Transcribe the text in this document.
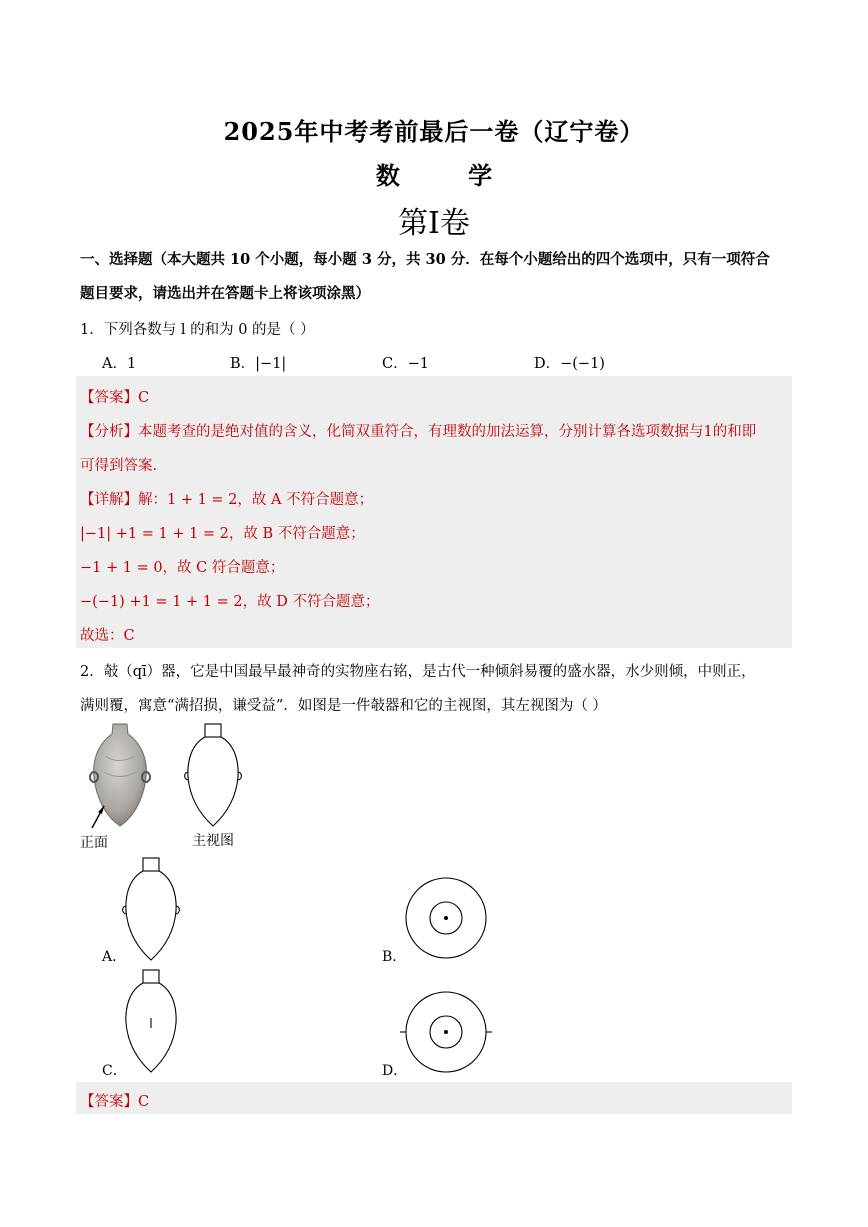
2025年中考考前最后一卷（辽宁卷）
数 学
第I卷
一、选择题（本大题共 10 个小题，每小题 3 分，共 30 分．在每个小题给出的四个选项中，只有一项符合
题目要求，请选出并在答题卡上将该项涂黑）
1．下列各数与 l 的和为 0 的是（ ）
A．1	B．|−1|	C．−1	D．−(−1)
【答案】C
【分析】本题考查的是绝对值的含义，化简双重符合，有理数的加法运算，分别计算各选项数据与1的和即
可得到答案．
【详解】解：1 + 1 = 2，故 A 不符合题意；
|−1| +1 = 1 + 1 = 2，故 B 不符合题意；
−1 + 1 = 0，故 C 符合题意；
−(−1) +1 = 1 + 1 = 2，故 D 不符合题意；
故选：C
2．攲（qī）器，它是中国最早最神奇的实物座右铭，是古代一种倾斜易覆的盛水器，水少则倾，中则正，
满则覆，寓意“满招损，谦受益”．如图是一件攲器和它的主视图，其左视图为（ ）
正面	主视图
A．	B．
C．	D．
【答案】C
